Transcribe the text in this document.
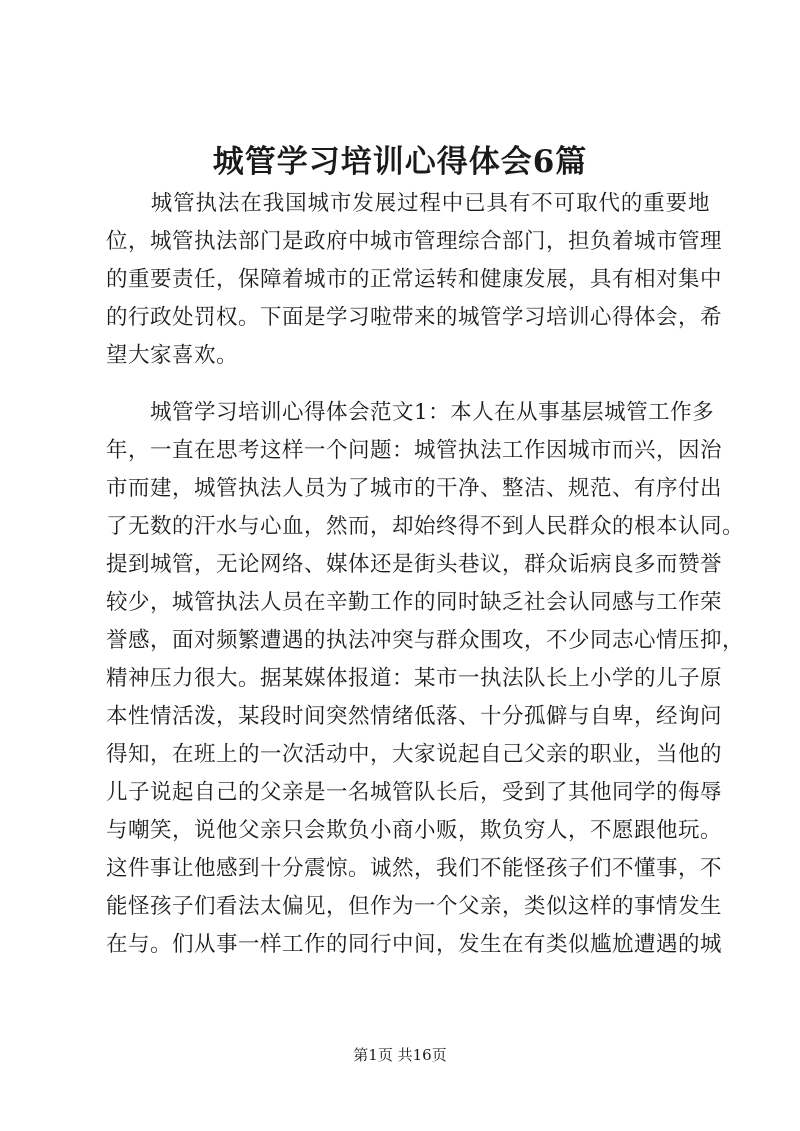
城管学习培训心得体会6篇
　　城管执法在我国城市发展过程中已具有不可取代的重要地
位，城管执法部门是政府中城市管理综合部门，担负着城市管理
的重要责任，保障着城市的正常运转和健康发展，具有相对集中
的行政处罚权。下面是学习啦带来的城管学习培训心得体会，希
望大家喜欢。
　　城管学习培训心得体会范文1：本人在从事基层城管工作多
年，一直在思考这样一个问题：城管执法工作因城市而兴，因治
市而建，城管执法人员为了城市的干净、整洁、规范、有序付出
了无数的汗水与心血，然而，却始终得不到人民群众的根本认同。
提到城管，无论网络、媒体还是街头巷议，群众诟病良多而赞誉
较少，城管执法人员在辛勤工作的同时缺乏社会认同感与工作荣
誉感，面对频繁遭遇的执法冲突与群众围攻，不少同志心情压抑，
精神压力很大。据某媒体报道：某市一执法队长上小学的儿子原
本性情活泼，某段时间突然情绪低落、十分孤僻与自卑，经询问
得知，在班上的一次活动中，大家说起自己父亲的职业，当他的
儿子说起自己的父亲是一名城管队长后，受到了其他同学的侮辱
与嘲笑，说他父亲只会欺负小商小贩，欺负穷人，不愿跟他玩。
这件事让他感到十分震惊。诚然，我们不能怪孩子们不懂事，不
能怪孩子们看法太偏见，但作为一个父亲，类似这样的事情发生
在与。们从事一样工作的同行中间，发生在有类似尴尬遭遇的城
第1页 共16页
